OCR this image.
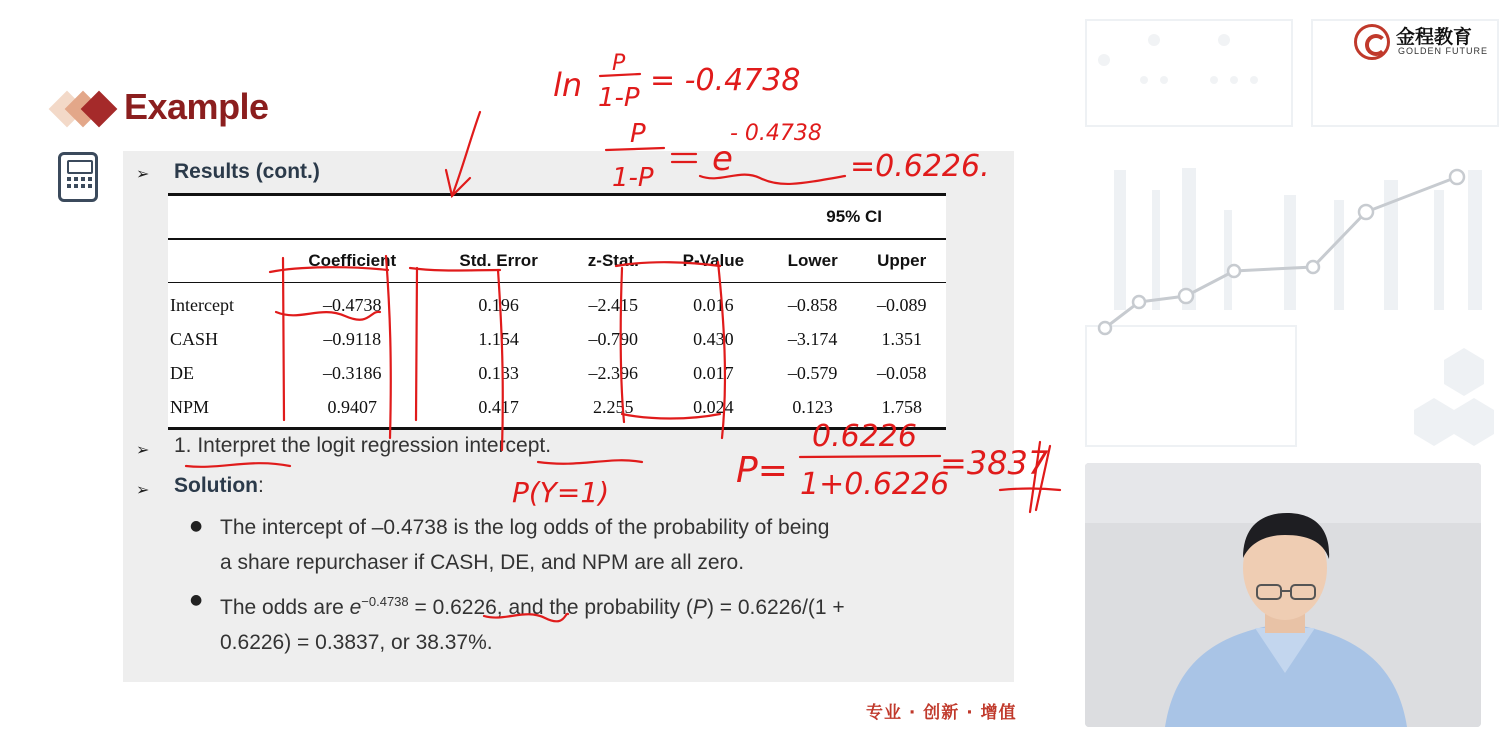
Example
➢ Results (cont.)
95% CI
	Coefficient	Std. Error	z-Stat.	P-Value	Lower	Upper
Intercept	–0.4738	0.196	–2.415	0.016	–0.858	–0.089
CASH	–0.9118	1.154	–0.790	0.430	–3.174	1.351
DE	–0.3186	0.133	–2.396	0.017	–0.579	–0.058
NPM	0.9407	0.417	2.255	0.024	0.123	1.758
➢ 1. Interpret the logit regression intercept.
➢ Solution:
● The intercept of –0.4738 is the log odds of the probability of being
a share repurchaser if CASH, DE, and NPM are all zero.
● The odds are $e^{-0.4738} = 0.6226$, and the probability (P) = 0.6226/(1 +
0.6226) = 0.3837, or 38.37%.
专业 · 创新 · 增值
金程教育
GOLDEN FUTURE
ln
P
1-P = -0.4738
P
1-P e
- 0.4738
=0.6226.
P=
0.6226
1+0.6226
=3837
P(Y=1)
